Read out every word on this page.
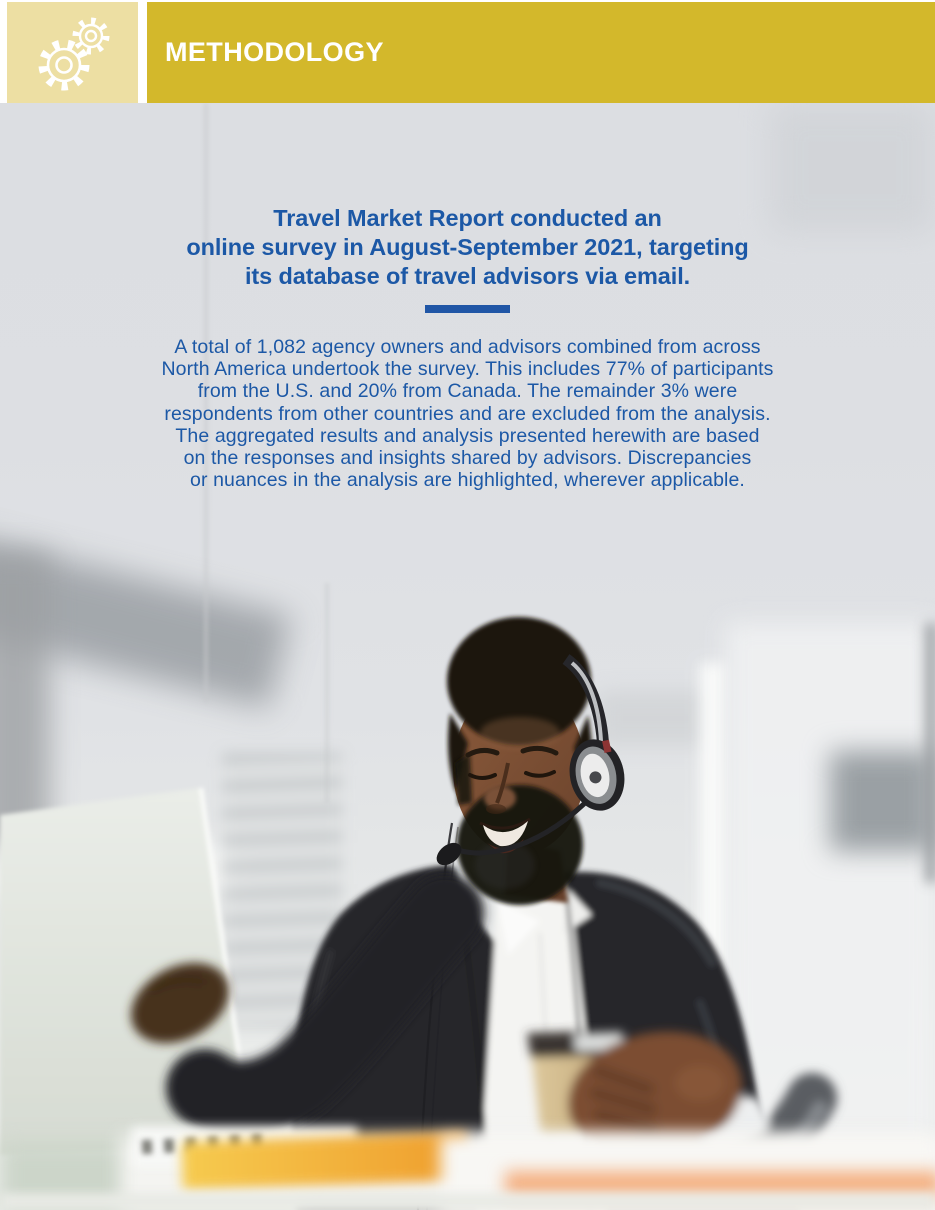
METHODOLOGY
Travel Market Report conducted an
online survey in August-September 2021, targeting
its database of travel advisors via email.
A total of 1,082 agency owners and advisors combined from across
North America undertook the survey. This includes 77% of participants
from the U.S. and 20% from Canada. The remainder 3% were
respondents from other countries and are excluded from the analysis.
The aggregated results and analysis presented herewith are based
on the responses and insights shared by advisors. Discrepancies
or nuances in the analysis are highlighted, wherever applicable.
